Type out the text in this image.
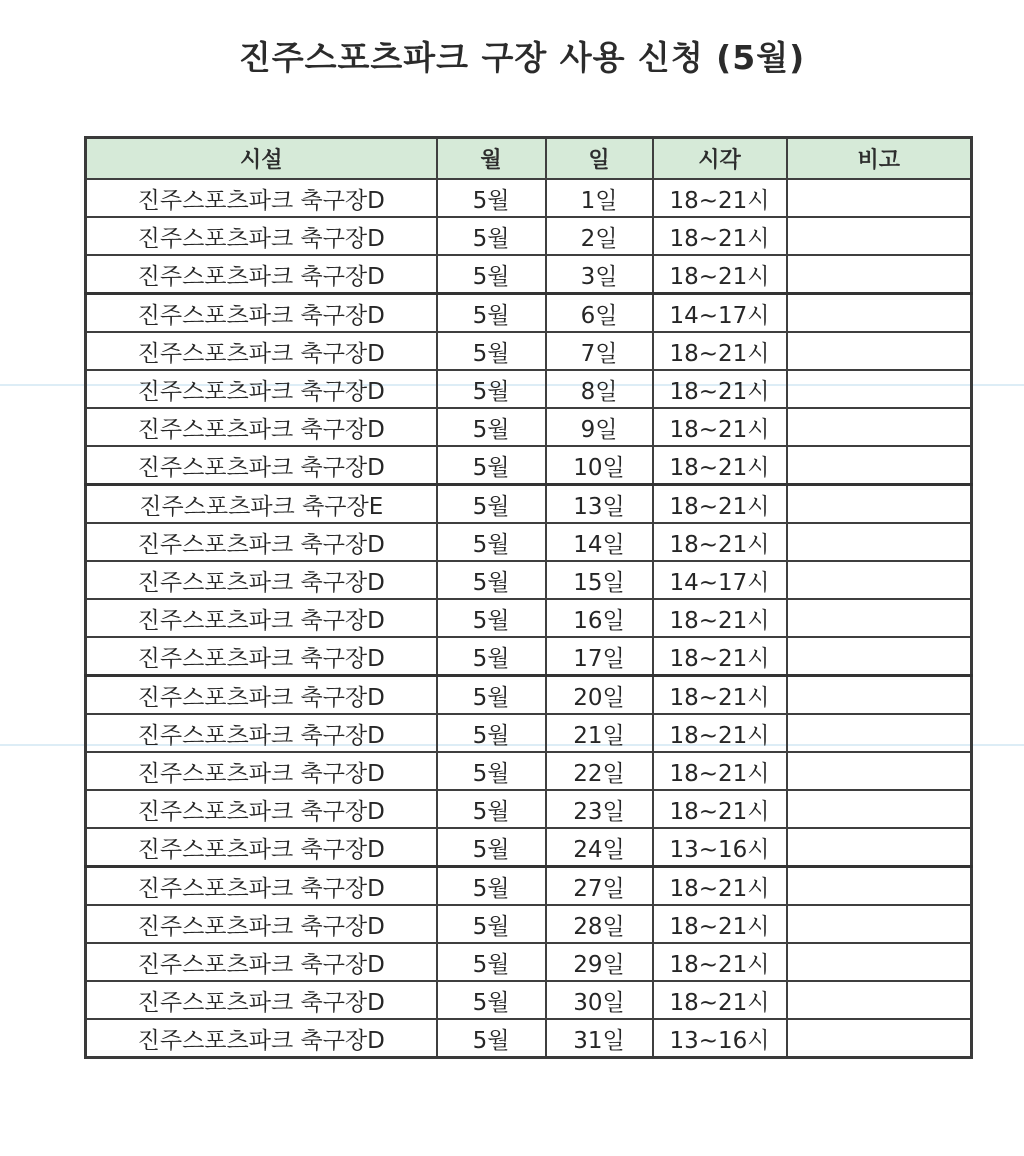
진주스포츠파크 구장 사용 신청 (5월)
시설	월	일	시각	비고
진주스포츠파크 축구장D	5월	1일	18~21시	
진주스포츠파크 축구장D	5월	2일	18~21시	
진주스포츠파크 축구장D	5월	3일	18~21시	
진주스포츠파크 축구장D	5월	6일	14~17시	
진주스포츠파크 축구장D	5월	7일	18~21시	
진주스포츠파크 축구장D	5월	8일	18~21시	
진주스포츠파크 축구장D	5월	9일	18~21시	
진주스포츠파크 축구장D	5월	10일	18~21시	
진주스포츠파크 축구장E	5월	13일	18~21시	
진주스포츠파크 축구장D	5월	14일	18~21시	
진주스포츠파크 축구장D	5월	15일	14~17시	
진주스포츠파크 축구장D	5월	16일	18~21시	
진주스포츠파크 축구장D	5월	17일	18~21시	
진주스포츠파크 축구장D	5월	20일	18~21시	
진주스포츠파크 축구장D	5월	21일	18~21시	
진주스포츠파크 축구장D	5월	22일	18~21시	
진주스포츠파크 축구장D	5월	23일	18~21시	
진주스포츠파크 축구장D	5월	24일	13~16시	
진주스포츠파크 축구장D	5월	27일	18~21시	
진주스포츠파크 축구장D	5월	28일	18~21시	
진주스포츠파크 축구장D	5월	29일	18~21시	
진주스포츠파크 축구장D	5월	30일	18~21시	
진주스포츠파크 축구장D	5월	31일	13~16시	
